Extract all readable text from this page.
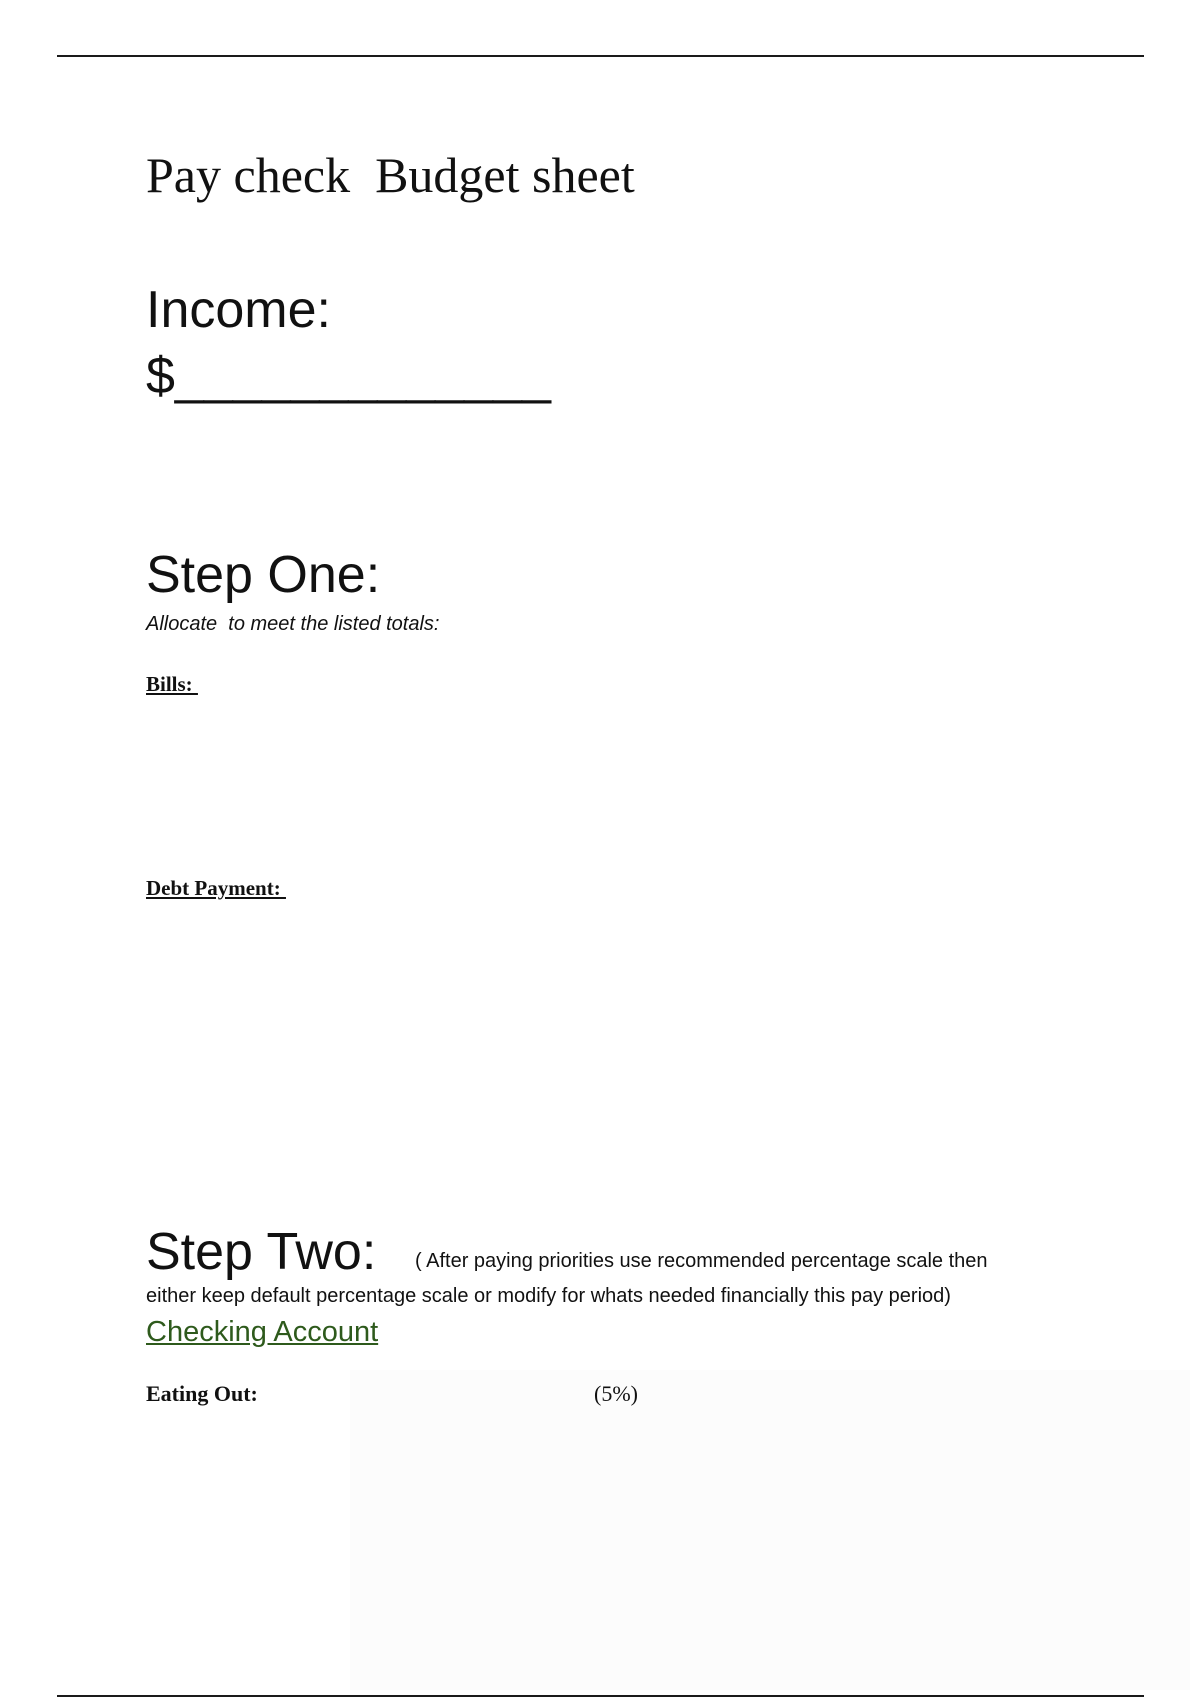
Pay check  Budget sheet
Income:
$_____________
Step One:
Allocate  to meet the listed totals:
Bills:
Debt Payment:
Step Two: ( After paying priorities use recommended percentage scale then
either keep default percentage scale or modify for whats needed financially this pay period)
Checking Account
Eating Out:	(5%)
